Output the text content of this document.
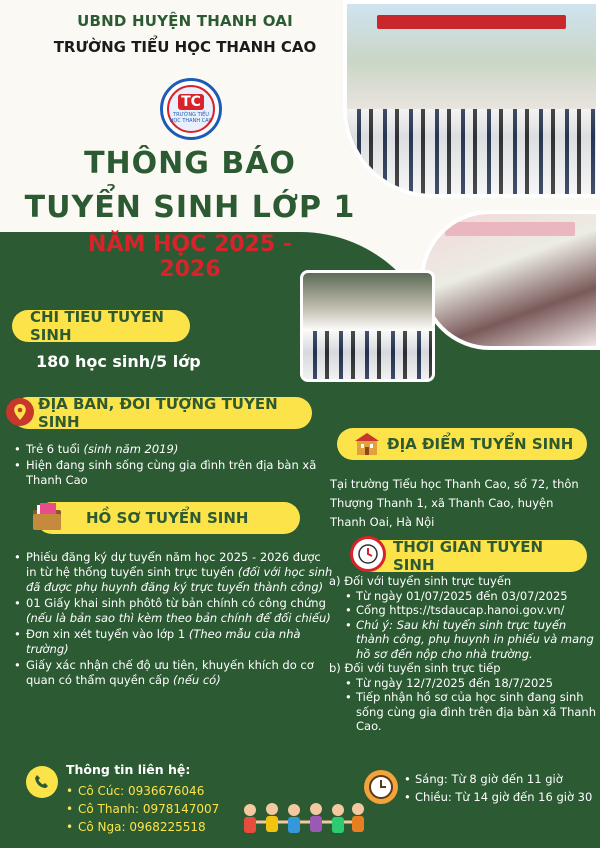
UBND HUYỆN THANH OAI
TRƯỜNG TIỂU HỌC THANH CAO
TC
TRƯỜNG TIỂU HỌC THANH CAO
THÔNG BÁO
TUYỂN SINH LỚP 1
NĂM HỌC 2025 - 2026
CHỈ TIÊU TUYỂN SINH
180 học sinh/5 lớp
ĐỊA BÀN, ĐỐI TƯỢNG TUYỂN SINH
• Trẻ 6 tuổi (sinh năm 2019)
• Hiện đang sinh sống cùng gia đình trên địa bàn xã Thanh Cao
HỒ SƠ TUYỂN SINH
• Phiếu đăng ký dự tuyển năm học 2025 - 2026 được in từ hệ thống tuyển sinh trực tuyến (đối với học sinh đã được phụ huynh đăng ký trực tuyến thành công)
• 01 Giấy khai sinh phôtô từ bản chính có công chứng (nếu là bản sao thì kèm theo bản chính để đối chiếu)
• Đơn xin xét tuyển vào lớp 1 (Theo mẫu của nhà trường)
• Giấy xác nhận chế độ ưu tiên, khuyến khích do cơ quan có thẩm quyền cấp (nếu có)
ĐỊA ĐIỂM TUYỂN SINH
Tại trường Tiểu học Thanh Cao, số 72, thôn Thượng Thanh 1, xã Thanh Cao, huyện Thanh Oai, Hà Nội
THỜI GIAN TUYỂN SINH
a) Đối với tuyển sinh trực tuyến
• Từ ngày 01/07/2025 đến 03/07/2025
• Cổng https://tsdaucap.hanoi.gov.vn/
• Chú ý: Sau khi tuyển sinh trực tuyến thành công, phụ huynh in phiếu và mang hồ sơ đến nộp cho nhà trường.
b) Đối với tuyển sinh trực tiếp
• Từ ngày 12/7/2025 đến 18/7/2025
• Tiếp nhận hồ sơ của học sinh đang sinh sống cùng gia đình trên địa bàn xã Thanh Cao.
• Sáng: Từ 8 giờ đến 11 giờ
• Chiều: Từ 14 giờ đến 16 giờ 30
Thông tin liên hệ:
• Cô Cúc: 0936676046
• Cô Thanh: 0978147007
• Cô Nga: 0968225518
